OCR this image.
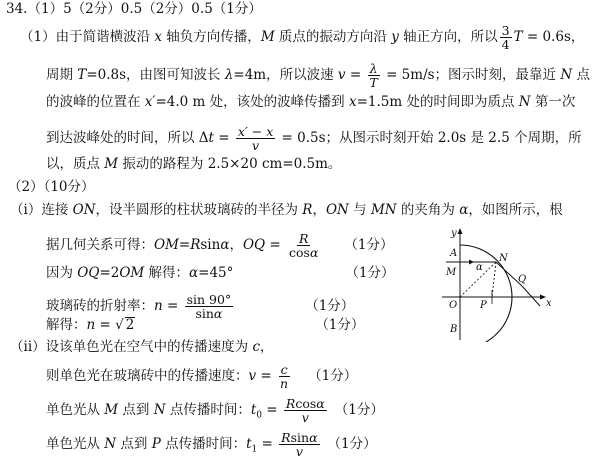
34.（1）5（2分）0.5（2分）0.5（1分）
（1）由于简谐横波沿 x 轴负方向传播，M 质点的振动方向沿 y 轴正方向，所以 $\frac{3}{4}$ T = 0.6s，
周期 T=0.8s，由图可知波长 λ=4m，所以波速 $v = \frac{\lambda}{T} = 5m/s$；图示时刻，最靠近 N 点
的波峰的位置在 x′=4.0 m 处，该处的波峰传播到 x=1.5m 处的时间即为质点 N 第一次
到达波峰处的时间，所以 $\Delta t = \frac{x' - x}{v} = 0.5s$；从图示时刻开始 2.0s 是 2.5 个周期，所
以，质点 M 振动的路程为 2.5×20 cm=0.5m。
（2）（10分）
（i）连接 ON，设半圆形的柱状玻璃砖的半径为 R，ON 与 MN 的夹角为 α，如图所示，根
据几何关系可得：OM=Rsinα，OQ = $\frac{R}{\cos\alpha} (1$分）
因为 OQ=2OM 解得：α=45°	（1分）
玻璃砖的折射率：$n = \frac{\sin 90^\circ}{\sin\alpha}$	（1分）
解得：n = √ 2	（1分）
（ii）设该单色光在空气中的传播速度为 c，
则单色光在玻璃砖中的传播速度：$v = \frac{c}{n} (1$分）
单色光从 M 点到 N 点传播时间：$t_0 = \frac{Rcos\alpha}{v} (1$分）
单色光从 N 点到 P 点传播时间：$t_1 = \frac{Rsin\alpha}{v} (1$分）
y
x
A
M
N
O P
Q
B
α
